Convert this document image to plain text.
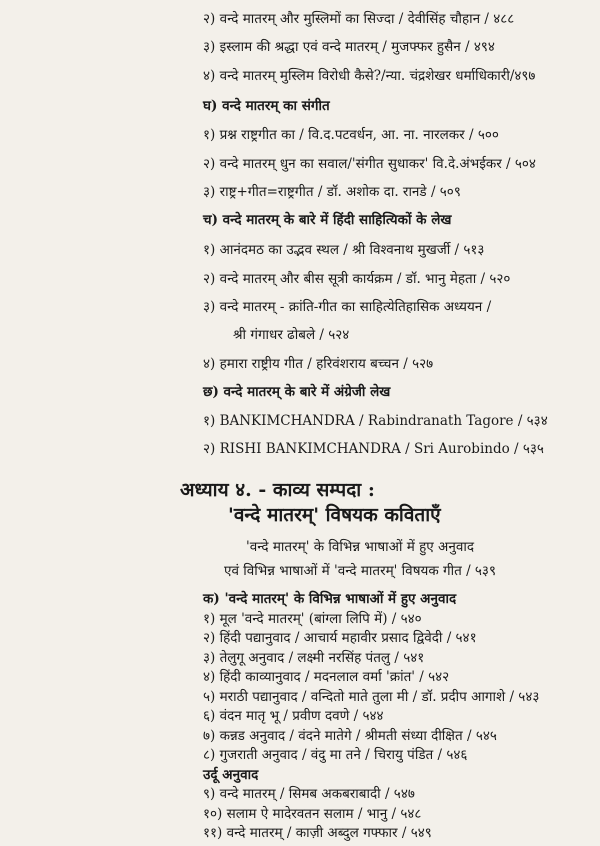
२) वन्दे मातरम् और मुस्लिमों का सिज्दा / देवीसिंह चौहान / ४८८
३) इस्लाम की श्रद्धा एवं वन्दे मातरम् / मुजफ्फर हुसैन / ४९४
४) वन्दे मातरम् मुस्लिम विरोधी कैसे?/न्या. चंद्रशेखर धर्माधिकारी/४९७
घ) वन्दे मातरम् का संगीत
१) प्रश्न राष्ट्रगीत का / वि.द.पटवर्धन, आ. ना. नारलकर / ५००
२) वन्दे मातरम् धुन का सवाल/'संगीत सुधाकर' वि.दे.अंभईकर / ५०४
३) राष्ट्र+गीत=राष्ट्रगीत / डॉ. अशोक दा. रानडे / ५०९
च) वन्दे मातरम् के बारे में हिंदी साहित्यिकों के लेख
१) आनंदमठ का उद्भव स्थल / श्री विश्वनाथ मुखर्जी / ५१३
२) वन्दे मातरम् और बीस सूत्री कार्यक्रम / डॉ. भानु मेहता / ५२०
३) वन्दे मातरम् - क्रांति-गीत का साहित्येतिहासिक अध्ययन /
श्री गंगाधर ढोबले / ५२४
४) हमारा राष्ट्रीय गीत / हरिवंशराय बच्चन / ५२७
छ) वन्दे मातरम् के बारे में अंग्रेजी लेख
१) BANKIMCHANDRA / Rabindranath Tagore / ५३४
२) RISHI BANKIMCHANDRA / Sri Aurobindo / ५३५
अध्याय ४. - काव्य सम्पदा :
'वन्दे मातरम्' विषयक कविताएँ
'वन्दे मातरम्' के विभिन्न भाषाओं में हुए अनुवाद
एवं विभिन्न भाषाओं में 'वन्दे मातरम्' विषयक गीत / ५३९
क) 'वन्दे मातरम्' के विभिन्न भाषाओं में हुए अनुवाद
१) मूल 'वन्दे मातरम्' (बांग्ला लिपि में) / ५४०
२) हिंदी पद्यानुवाद / आचार्य महावीर प्रसाद द्विवेदी / ५४१
३) तेलुगू अनुवाद / लक्ष्मी नरसिंह पंतलु / ५४१
४) हिंदी काव्यानुवाद / मदनलाल वर्मा 'क्रांत' / ५४२
५) मराठी पद्यानुवाद / वन्दितो माते तुला मी / डॉ. प्रदीप आगाशे / ५४३
६) वंदन मातृ भू / प्रवीण दवणे / ५४४
७) कन्नड अनुवाद / वंदने मातेगे / श्रीमती संध्या दीक्षित / ५४५
८) गुजराती अनुवाद / वंदु मा तने / चिरायु पंडित / ५४६
उर्दू अनुवाद
९) वन्दे मातरम् / सिमब अकबराबादी / ५४७
१०) सलाम ऐ मादेरवतन सलाम / भानु / ५४८
११) वन्दे मातरम् / काज़ी अब्दुल गफ्फार / ५४९
